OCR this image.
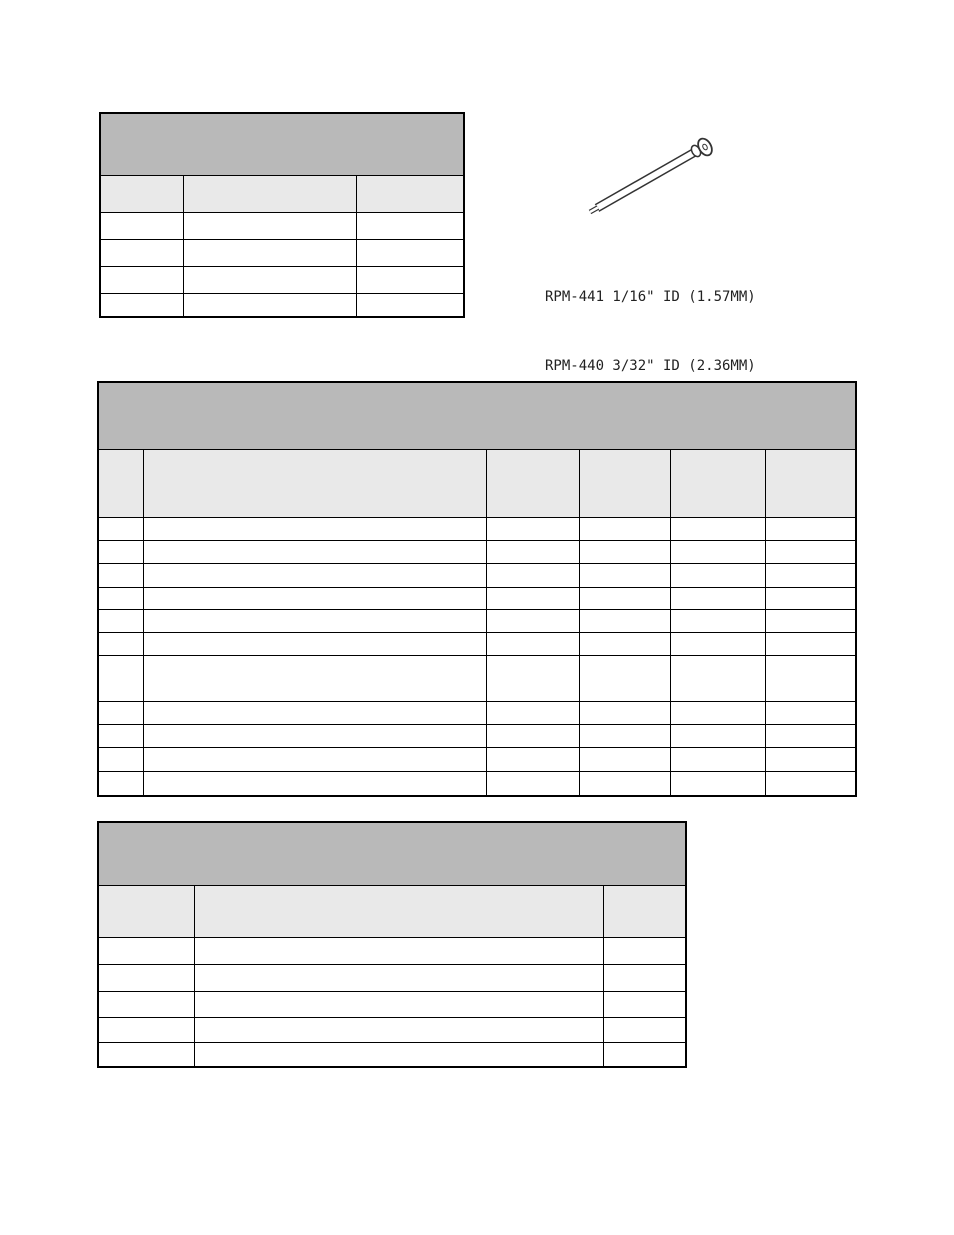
RPM-441 1/16" ID (1.57MM)

RPM-440 3/32" ID (2.36MM)
